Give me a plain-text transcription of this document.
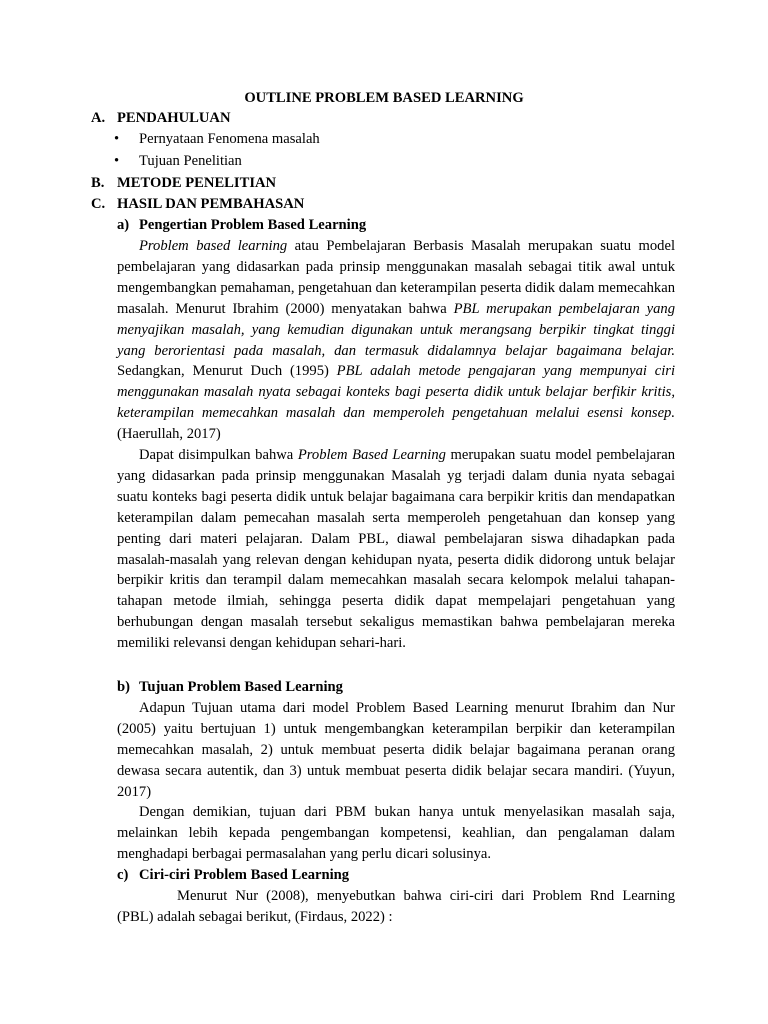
OUTLINE PROBLEM BASED LEARNING
A. PENDAHULUAN
• Pernyataan Fenomena masalah
• Tujuan Penelitian
B. METODE PENELITIAN
C. HASIL DAN PEMBAHASAN
a) Pengertian Problem Based Learning

Problem based learning atau Pembelajaran Berbasis Masalah merupakan suatu model pembelajaran yang didasarkan pada prinsip menggunakan masalah sebagai titik awal untuk mengembangkan pemahaman, pengetahuan dan keterampilan peserta didik dalam memecahkan masalah. Menurut Ibrahim (2000) menyatakan bahwa PBL merupakan pembelajaran yang menyajikan masalah, yang kemudian digunakan untuk merangsang berpikir tingkat tinggi yang berorientasi pada masalah, dan termasuk didalamnya belajar bagaimana belajar. Sedangkan, Menurut Duch (1995) PBL adalah metode pengajaran yang mempunyai ciri menggunakan masalah nyata sebagai konteks bagi peserta didik untuk belajar berfikir kritis, keterampilan memecahkan masalah dan memperoleh pengetahuan melalui esensi konsep. (Haerullah, 2017)

Dapat disimpulkan bahwa Problem Based Learning merupakan suatu model pembelajaran yang didasarkan pada prinsip menggunakan Masalah yg terjadi dalam dunia nyata sebagai suatu konteks bagi peserta didik untuk belajar bagaimana cara berpikir kritis dan mendapatkan keterampilan dalam pemecahan masalah serta memperoleh pengetahuan dan konsep yang penting dari materi pelajaran. Dalam PBL, diawal pembelajaran siswa dihadapkan pada masalah-masalah yang relevan dengan kehidupan nyata, peserta didik didorong untuk belajar berpikir kritis dan terampil dalam memecahkan masalah secara kelompok melalui tahapan-tahapan metode ilmiah, sehingga peserta didik dapat mempelajari pengetahuan yang berhubungan dengan masalah tersebut sekaligus memastikan bahwa pembelajaran mereka memiliki relevansi dengan kehidupan sehari-hari.

b) Tujuan Problem Based Learning

Adapun Tujuan utama dari model Problem Based Learning menurut Ibrahim dan Nur (2005) yaitu bertujuan 1) untuk mengembangkan keterampilan berpikir dan keterampilan memecahkan masalah, 2) untuk membuat peserta didik belajar bagaimana peranan orang dewasa secara autentik, dan 3) untuk membuat peserta didik belajar secara mandiri. (Yuyun, 2017)

Dengan demikian, tujuan dari PBM bukan hanya untuk menyelasikan masalah saja, melainkan lebih kepada pengembangan kompetensi, keahlian, dan pengalaman dalam menghadapi berbagai permasalahan yang perlu dicari solusinya.

c) Ciri-ciri Problem Based Learning

Menurut Nur (2008), menyebutkan bahwa ciri-ciri dari Problem Rnd Learning (PBL) adalah sebagai berikut, (Firdaus, 2022) :
